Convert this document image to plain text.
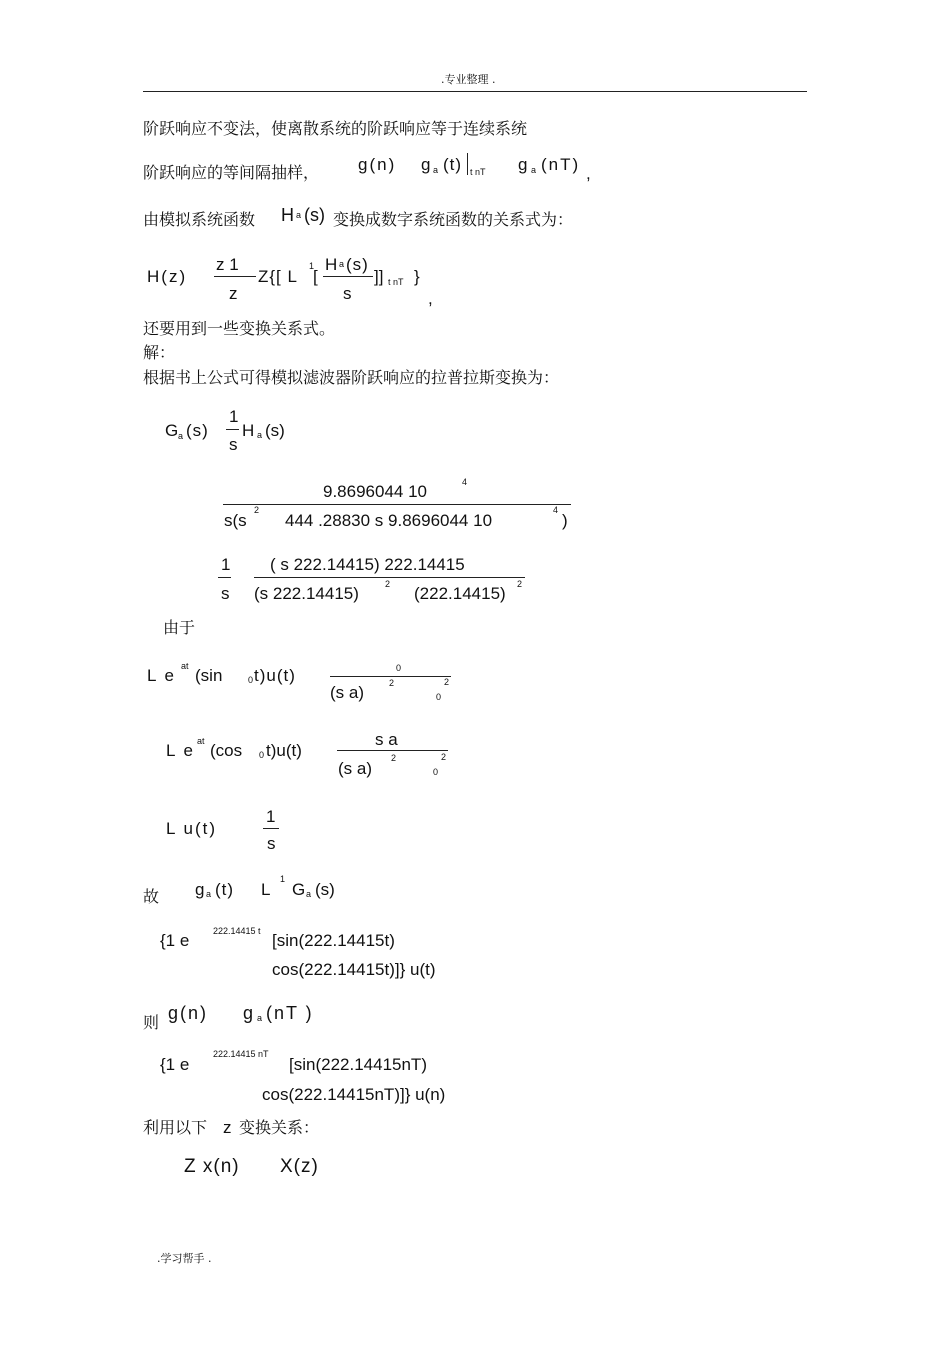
.专业整理 .
阶跃响应不变法，使离散系统的阶跃响应等于连续系统
阶跃响应的等间隔抽样， g(n) g a (t) t nT g a (nT) ,
由模拟系统函数 H a (s) 变换成数字系统函数的关系式为：
H(z)
z 1
z
Z{[ L
1
[
H a (s)
s
]] t nT }
,
还要用到一些变换关系式。
解：
根据书上公式可得模拟滤波器阶跃响应的拉普拉斯变换为：
G a (s)
1
s
H a (s)
9.8696044 10	4
s(s
2
444 .28830 s 9.8696044 10
4
)
1
s
( s 222.14415) 222.14415
(s 222.14415)	2 (222.14415) 2
由于
L e at (sin	0 t)u(t)	0
(s a)	2
0
2
L e at (cos 0 t)u(t)
s a
(s a)
2
0
2
L u(t)
1
s
故 g a (t) L
1
G a (s)
{1 e	222.14415 t [sin(222.14415t)
cos(222.14415t)]} u(t)
则 g(n) g a (nT )
{1 e
222.14415 nT
[sin(222.14415nT)
cos(222.14415nT)]} u(n)
利用以下 z 变换关系：
Z x(n) X(z)
.学习帮手 .
